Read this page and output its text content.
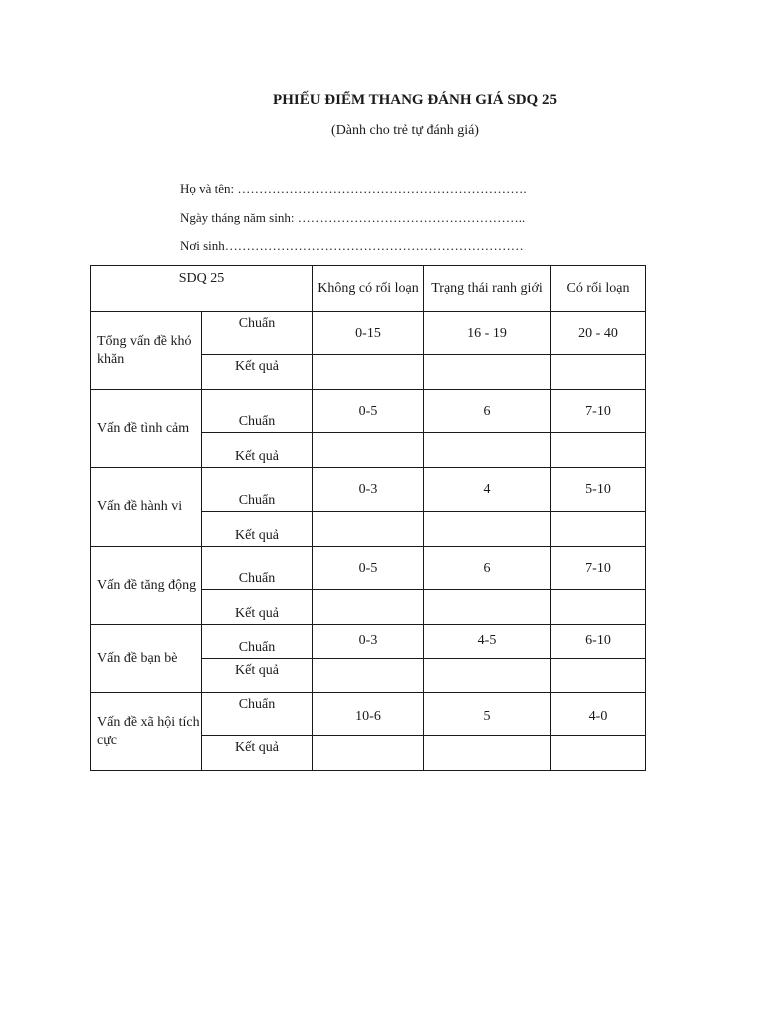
PHIẾU ĐIỂM THANG ĐÁNH GIÁ SDQ 25
(Dành cho trẻ tự đánh giá)
Họ và tên: ………………………………………………………….
Ngày tháng năm sinh: ……………………………………………..
Nơi sinh……………………………………………………………
SDQ 25		Không có rối loạn	Trạng thái ranh giới	Có rối loạn
Tổng vấn đề khó khăn	Chuẩn	0-15	16 - 19	20 - 40
	Kết quả			
Vấn đề tình cảm	Chuẩn	0-5	6	7-10
	Kết quả			
Vấn đề hành vi	Chuẩn	0-3	4	5-10
	Kết quả			
Vấn đề tăng động	Chuẩn	0-5	6	7-10
	Kết quả			
Vấn đề bạn bè	Chuẩn	0-3	4-5	6-10
	Kết quả			
Vấn đề xã hội tích cực	Chuẩn	10-6	5	4-0
	Kết quả			
